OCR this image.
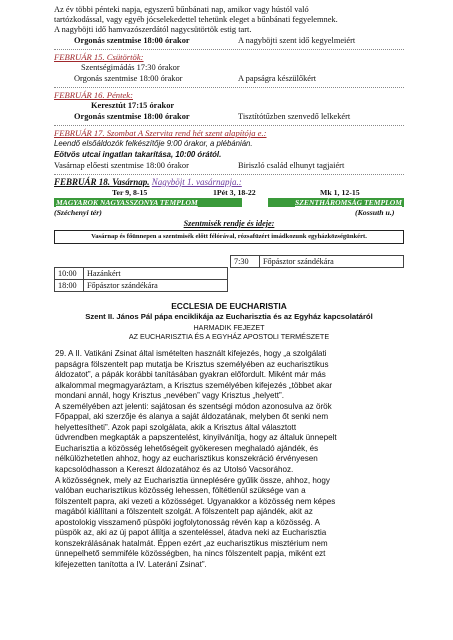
Az év többi pénteki napja, egyszerű bűnbánati nap, amikor vagy hústól való
tartózkodással, vagy egyéb jócselekedettel tehetünk eleget a bűnbánati fegyelemnek.
A nagyböjti idő hamvazószerdától nagycsütörtök estig tart.
Orgonás szentmise 18:00 órakor	A nagyböjti szent idő kegyelmeiért
FEBRUÁR 15. Csütörtök:
Szentségimádás 17:30 órakor
Orgonás szentmise 18:00 órakor	A papságra készülőkért
FEBRUÁR 16. Péntek:
Keresztút 17:15 órakor
Orgonás szentmise 18:00 órakor	Tisztítótűzben szenvedő lelkekért
FEBRUÁR 17. Szombat A Szervita rend hét szent alapítója e.:
Leendő elsőáldozók felkészítője 9:00 órakor, a plébánián.
Eötvös utcai ingatlan takarítása, 10:00 órától.
Vasárnap előesti szentmise 18:00 órakor	Biriszló család elhunyt tagjaiért
FEBRUÁR 18. Vasárnap. Nagyböjt 1. vasárnapja.:
Ter 9, 8-15	1Pét 3, 18-22	Mk 1, 12-15
MAGYAROK NAGYASSZONYA TEMPLOM	SZENTHÁROMSÁG TEMPLOM
(Széchenyi tér)	(Kossuth u.)
Szentmisék rendje és ideje:
Vasárnap és főünnepen a szentmisék előtt félórával, rózsafüzért imádkozunk egyházközségünkért.
7:30	Főpásztor szándékára
10:00	Hazánkért
18:00	Főpásztor szándékára
ECCLESIA DE EUCHARISTIA
Szent II. János Pál pápa enciklikája az Eucharisztia és az Egyház kapcsolatáról
HARMADIK FEJEZET
AZ EUCHARISZTIA ÉS A EGYHÁZ APOSTOLI TERMÉSZETE

29. A II. Vatikáni Zsinat által ismételten használt kifejezés, hogy „a szolgálati

papságra fölszentelt pap mutatja be Krisztus személyében az eucharisztikus

áldozatot”, a pápák korábbi tanításában gyakran előfordult. Miként már más

alkalommal megmagyaráztam, a Krisztus személyében kifejezés „többet akar

mondani annál, hogy Krisztus „nevében” vagy Krisztus „helyett”.

A személyében azt jelenti: sajátosan és szentségi módon azonosulva az örök

Főpappal, aki szerzője és alanya a saját áldozatának, melyben őt senki nem

helyettesítheti”. Azok papi szolgálata, akik a Krisztus által választott

üdvrendben megkapták a papszentelést, kinyilvánítja, hogy az általuk ünnepelt

Eucharisztia a közösség lehetőségeit gyökeresen meghaladó ajándék, és

nélkülözhetetlen ahhoz, hogy az eucharisztikus konszekráció érvényesen

kapcsolódhasson a Kereszt áldozatához és az Utolsó Vacsorához.

A közösségnek, mely az Eucharisztia ünneplésére gyűlik össze, ahhoz, hogy

valóban eucharisztikus közösség lehessen, föltétlenül szüksége van a

fölszentelt papra, aki vezeti a közösséget. Ugyanakkor a közösség nem képes

magából kiállítani a fölszentelt szolgát. A fölszentelt pap ajándék, akit az

apostolokig visszamenő püspöki jogfolytonosság révén kap a közösség. A

püspök az, aki az új papot állítja a szenteléssel, átadva neki az Eucharisztia

konszekrálásának hatalmát. Éppen ezért „az eucharisztikus misztérium nem

ünnepelhető semmiféle közösségben, ha nincs fölszentelt papja, miként ezt

kifejezetten tanította a IV. Laterání Zsinat”.
